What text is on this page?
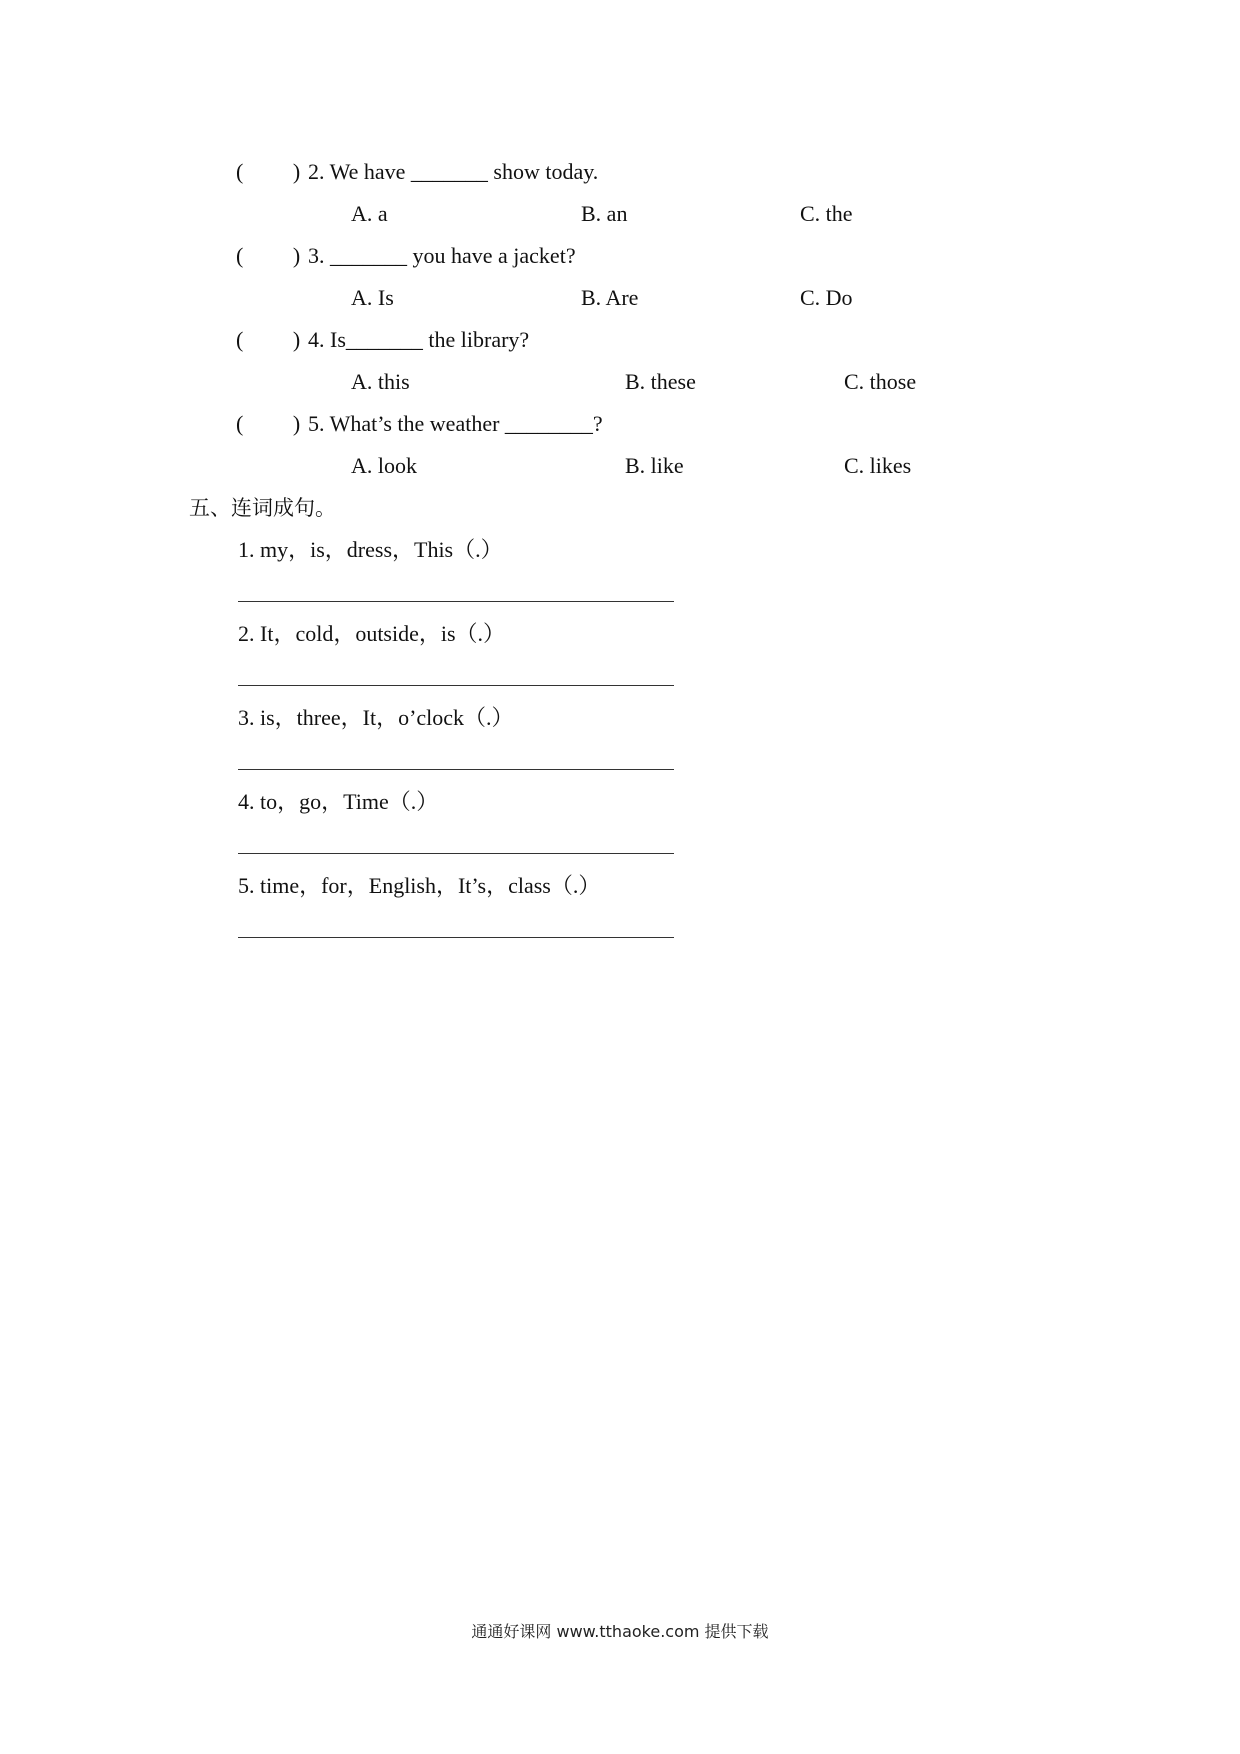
(         ) 2. We have _______ show today.
A. a	B. an	C. the
(         ) 3. _______ you have a jacket?
A. Is	B. Are	C. Do
(         ) 4. Is_______ the library?
A. this	B. these	C. those
(         ) 5. What’s the weather ________?
A. look	B. like	C. likes
五、连词成句。
1. my，is，dress，This（.）
2. It，cold，outside，is（.）
3. is，three，It，o’clock（.）
4. to，go，Time（.）
5. time，for，English，It’s，class（.）
通通好课网 www.tthaoke.com 提供下载
